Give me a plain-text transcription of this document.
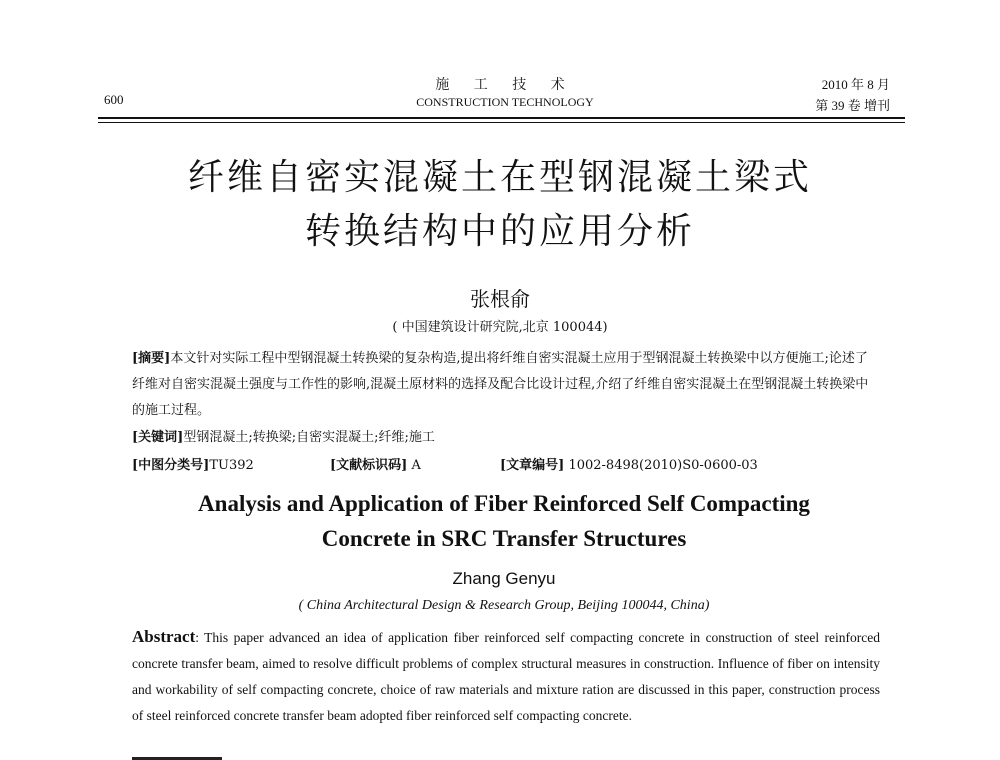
600
施 工 技 术
CONSTRUCTION TECHNOLOGY
2010 年 8 月
第 39 卷 增刊
纤维自密实混凝土在型钢混凝土梁式
转换结构中的应用分析
张根俞
( 中国建筑设计研究院,北京 100044)
[摘要]本文针对实际工程中型钢混凝土转换梁的复杂构造,提出将纤维自密实混凝土应用于型钢混凝土转换梁中以方便施工;论述了纤维对自密实混凝土强度与工作性的影响,混凝土原材料的选择及配合比设计过程,介绍了纤维自密实混凝土在型钢混凝土转换梁中的施工过程。
[关键词]型钢混凝土;转换梁;自密实混凝土;纤维;施工
[中图分类号]TU392	[文献标识码] A	[文章编号] 1002-8498(2010)S0-0600-03
Analysis and Application of Fiber Reinforced Self Compacting
Concrete in SRC Transfer Structures
Zhang Genyu
( China Architectural Design & Research Group, Beijing 100044, China)
Abstract: This paper advanced an idea of application fiber reinforced self compacting concrete in construction of steel reinforced concrete transfer beam, aimed to resolve difficult problems of complex structural measures in construction. Influence of fiber on intensity and workability of self compacting concrete, choice of raw materials and mixture ration are discussed in this paper, construction process of steel reinforced concrete transfer beam adopted fiber reinforced self compacting concrete.
